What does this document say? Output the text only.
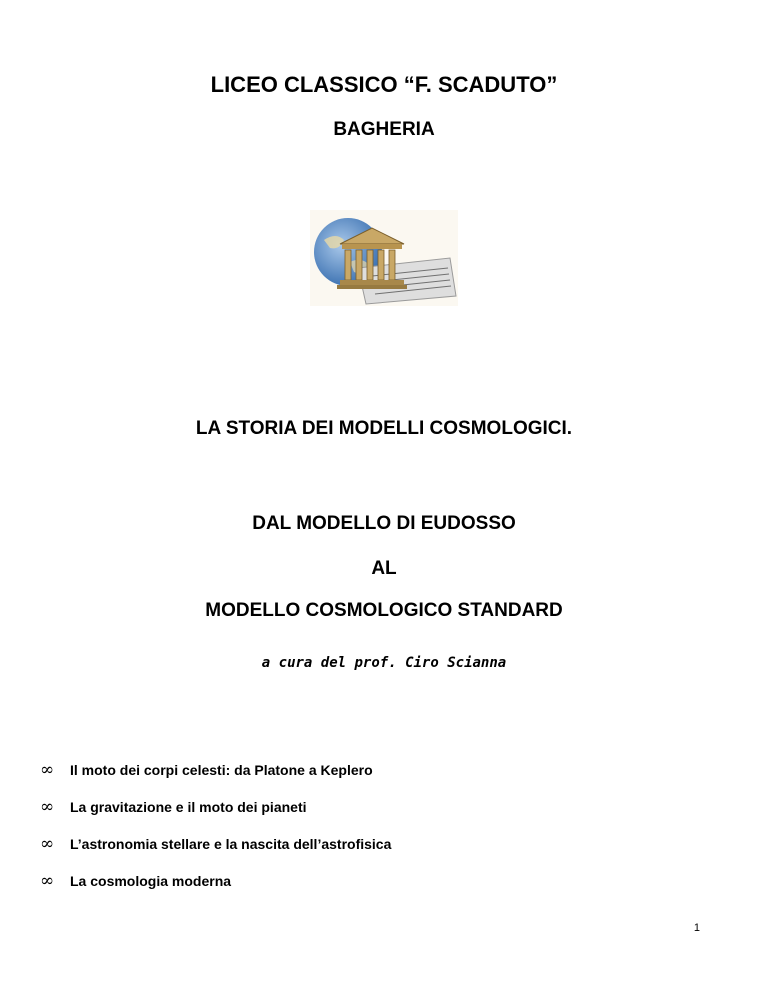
LICEO CLASSICO “F. SCADUTO”
BAGHERIA
LA STORIA DEI MODELLI COSMOLOGICI.
DAL MODELLO DI EUDOSSO
AL
MODELLO COSMOLOGICO STANDARD
a cura del prof. Ciro Scianna
∞	Il moto dei corpi celesti: da Platone a Keplero
∞	La gravitazione e il moto dei pianeti
∞	L’astronomia stellare e la nascita dell’astrofisica
∞	La cosmologia moderna
1
